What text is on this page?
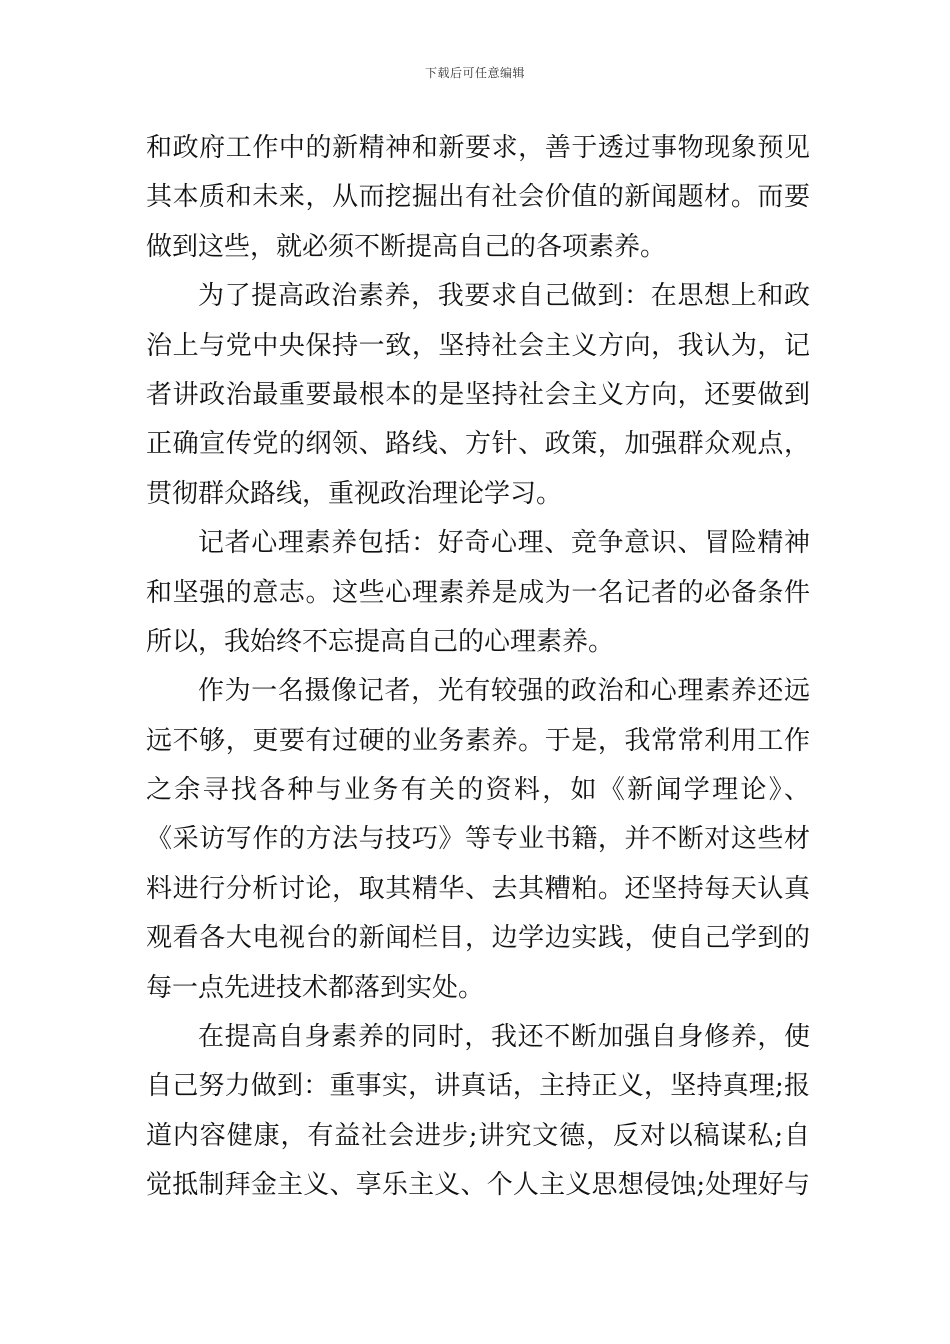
下载后可任意编辑
和政府工作中的新精神和新要求，善于透过事物现象预见
其本质和未来，从而挖掘出有社会价值的新闻题材。而要
做到这些，就必须不断提高自己的各项素养。
为了提高政治素养，我要求自己做到：在思想上和政
治上与党中央保持一致，坚持社会主义方向，我认为，记
者讲政治最重要最根本的是坚持社会主义方向，还要做到
正确宣传党的纲领、路线、方针、政策，加强群众观点，
贯彻群众路线，重视政治理论学习。
记者心理素养包括：好奇心理、竞争意识、冒险精神
和坚强的意志。这些心理素养是成为一名记者的必备条件
所以，我始终不忘提高自己的心理素养。
作为一名摄像记者，光有较强的政治和心理素养还远
远不够，更要有过硬的业务素养。于是，我常常利用工作
之余寻找各种与业务有关的资料，如《新闻学理论》、
《采访写作的方法与技巧》等专业书籍，并不断对这些材
料进行分析讨论，取其精华、去其糟粕。还坚持每天认真
观看各大电视台的新闻栏目，边学边实践，使自己学到的
每一点先进技术都落到实处。
在提高自身素养的同时，我还不断加强自身修养，使
自己努力做到：重事实，讲真话，主持正义，坚持真理;报
道内容健康，有益社会进步;讲究文德，反对以稿谋私;自
觉抵制拜金主义、享乐主义、个人主义思想侵蚀;处理好与
